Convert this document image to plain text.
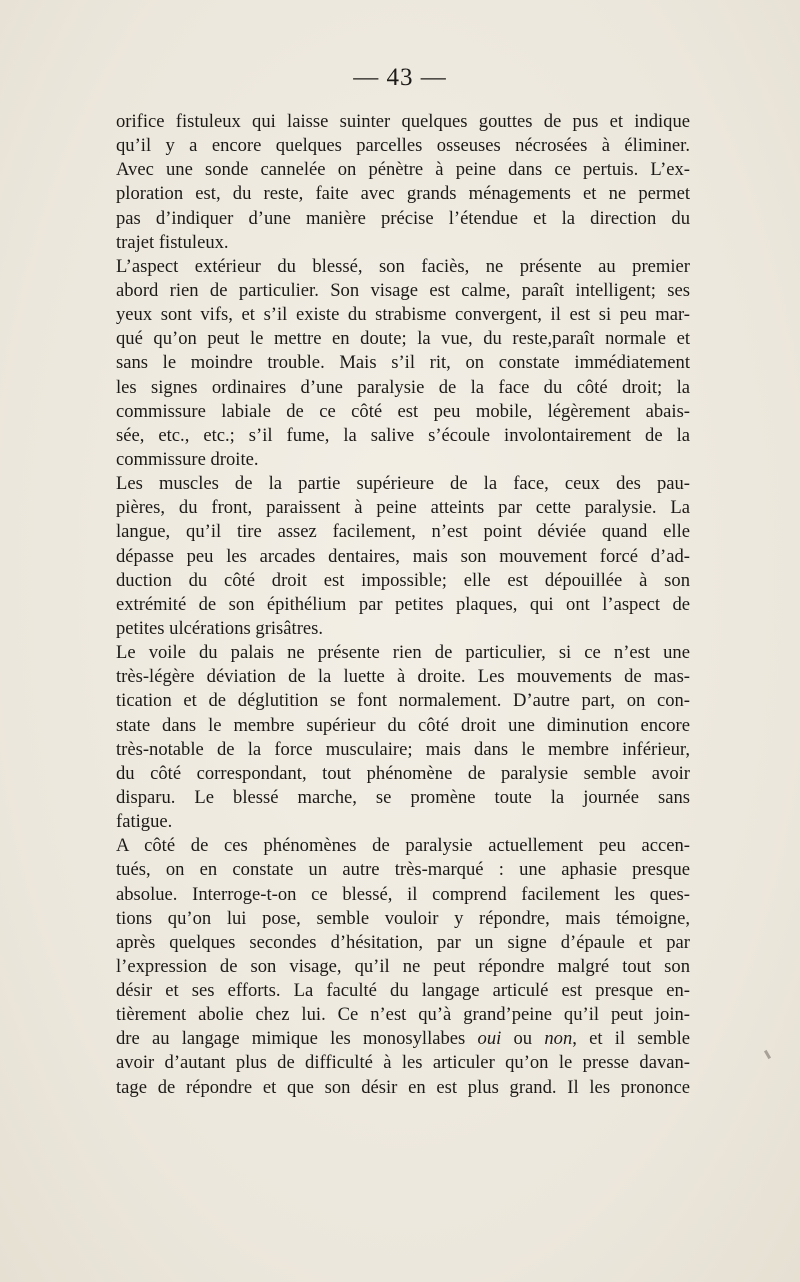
— 43 —
orifice fistuleux qui laisse suinter quelques gouttes de pus et indique
qu’il y a encore quelques parcelles osseuses nécrosées à éliminer.
Avec une sonde cannelée on pénètre à peine dans ce pertuis. L’ex-
ploration est, du reste, faite avec grands ménagements et ne permet
pas d’indiquer d’une manière précise l’étendue et la direction du
trajet fistuleux.
L’aspect extérieur du blessé, son faciès, ne présente au premier
abord rien de particulier. Son visage est calme, paraît intelligent; ses
yeux sont vifs, et s’il existe du strabisme convergent, il est si peu mar-
qué qu’on peut le mettre en doute; la vue, du reste,paraît normale et
sans le moindre trouble. Mais s’il rit, on constate immédiatement
les signes ordinaires d’une paralysie de la face du côté droit; la
commissure labiale de ce côté est peu mobile, légèrement abais-
sée, etc., etc.; s’il fume, la salive s’écoule involontairement de la
commissure droite.
Les muscles de la partie supérieure de la face, ceux des pau-
pières, du front, paraissent à peine atteints par cette paralysie. La
langue, qu’il tire assez facilement, n’est point déviée quand elle
dépasse peu les arcades dentaires, mais son mouvement forcé d’ad-
duction du côté droit est impossible; elle est dépouillée à son
extrémité de son épithélium par petites plaques, qui ont l’aspect de
petites ulcérations grisâtres.
Le voile du palais ne présente rien de particulier, si ce n’est une
très-légère déviation de la luette à droite. Les mouvements de mas-
tication et de déglutition se font normalement. D’autre part, on con-
state dans le membre supérieur du côté droit une diminution encore
très-notable de la force musculaire; mais dans le membre inférieur,
du côté correspondant, tout phénomène de paralysie semble avoir
disparu. Le blessé marche, se promène toute la journée sans
fatigue.
A côté de ces phénomènes de paralysie actuellement peu accen-
tués, on en constate un autre très-marqué : une aphasie presque
absolue. Interroge-t-on ce blessé, il comprend facilement les ques-
tions qu’on lui pose, semble vouloir y répondre, mais témoigne,
après quelques secondes d’hésitation, par un signe d’épaule et par
l’expression de son visage, qu’il ne peut répondre malgré tout son
désir et ses efforts. La faculté du langage articulé est presque en-
tièrement abolie chez lui. Ce n’est qu’à grand’peine qu’il peut join-
dre au langage mimique les monosyllabes oui ou non, et il semble
avoir d’autant plus de difficulté à les articuler qu’on le presse davan-
tage de répondre et que son désir en est plus grand. Il les prononce
